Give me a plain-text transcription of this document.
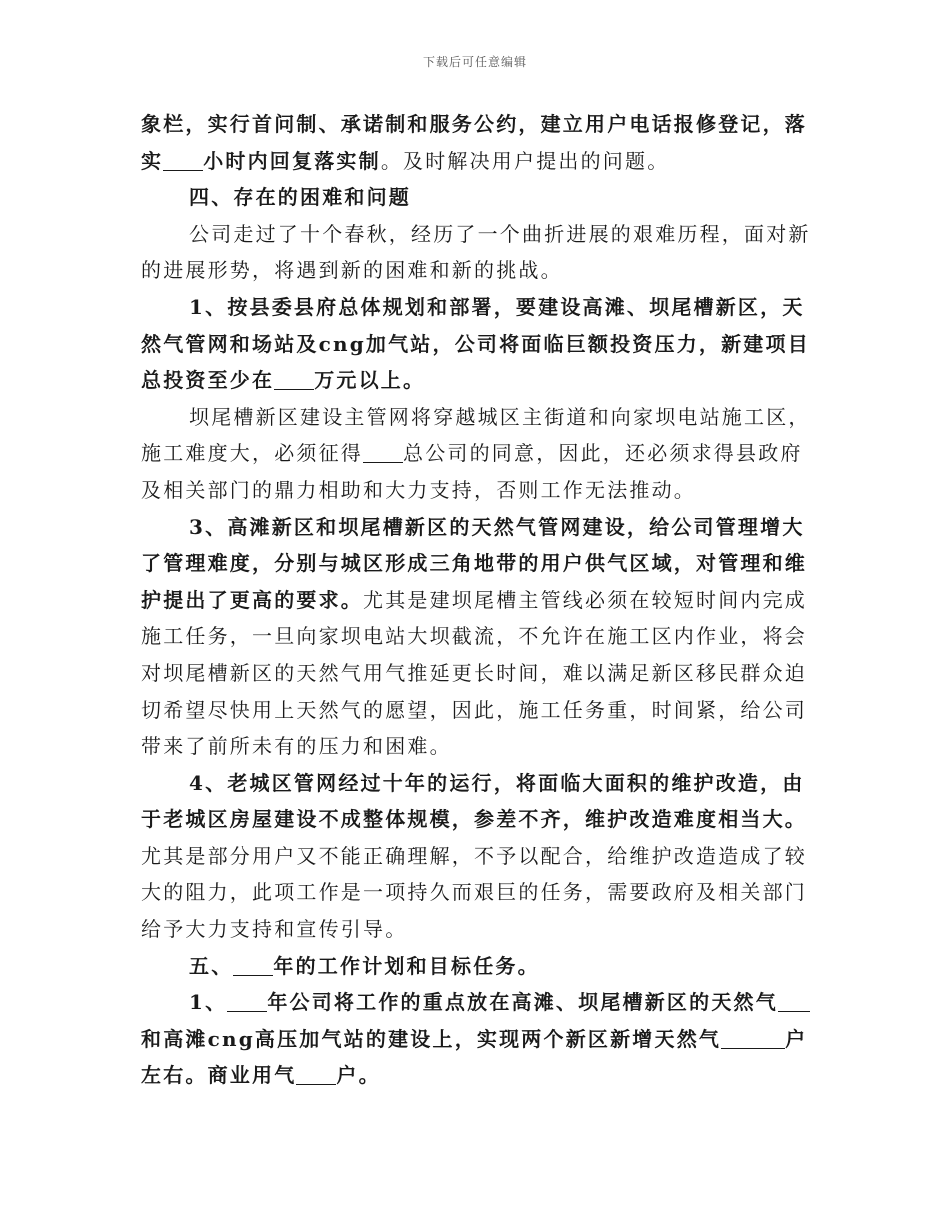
下载后可任意编辑

象栏，实行首问制、承诺制和服务公约，建立用户电话报修登记，落实 小时内回复落实制。及时解决用户提出的问题。

四、存在的困难和问题

公司走过了十个春秋，经历了一个曲折进展的艰难历程，面对新的进展形势，将遇到新的困难和新的挑战。

1、按县委县府总体规划和部署，要建设高滩、坝尾槽新区，天然气管网和场站及cng加气站，公司将面临巨额投资压力，新建项目总投资至少在 万元以上。

坝尾槽新区建设主管网将穿越城区主街道和向家坝电站施工区，施工难度大，必须征得 总公司的同意，因此，还必须求得县政府及相关部门的鼎力相助和大力支持，否则工作无法推动。

3、高滩新区和坝尾槽新区的天然气管网建设，给公司管理增大了管理难度，分别与城区形成三角地带的用户供气区域，对管理和维护提出了更高的要求。尤其是建坝尾槽主管线必须在较短时间内完成施工任务，一旦向家坝电站大坝截流，不允许在施工区内作业，将会对坝尾槽新区的天然气用气推延更长时间，难以满足新区移民群众迫切希望尽快用上天然气的愿望，因此，施工任务重，时间紧，给公司带来了前所未有的压力和困难。

4、老城区管网经过十年的运行，将面临大面积的维护改造，由于老城区房屋建设不成整体规模，参差不齐，维护改造难度相当大。尤其是部分用户又不能正确理解，不予以配合，给维护改造造成了较大的阻力，此项工作是一项持久而艰巨的任务，需要政府及相关部门给予大力支持和宣传引导。

五、 年的工作计划和目标任务。

1、 年公司将工作的重点放在高滩、坝尾槽新区的天然气和高滩cng高压加气站的建设上，实现两个新区新增天然气	户左右。商业用气 户。
